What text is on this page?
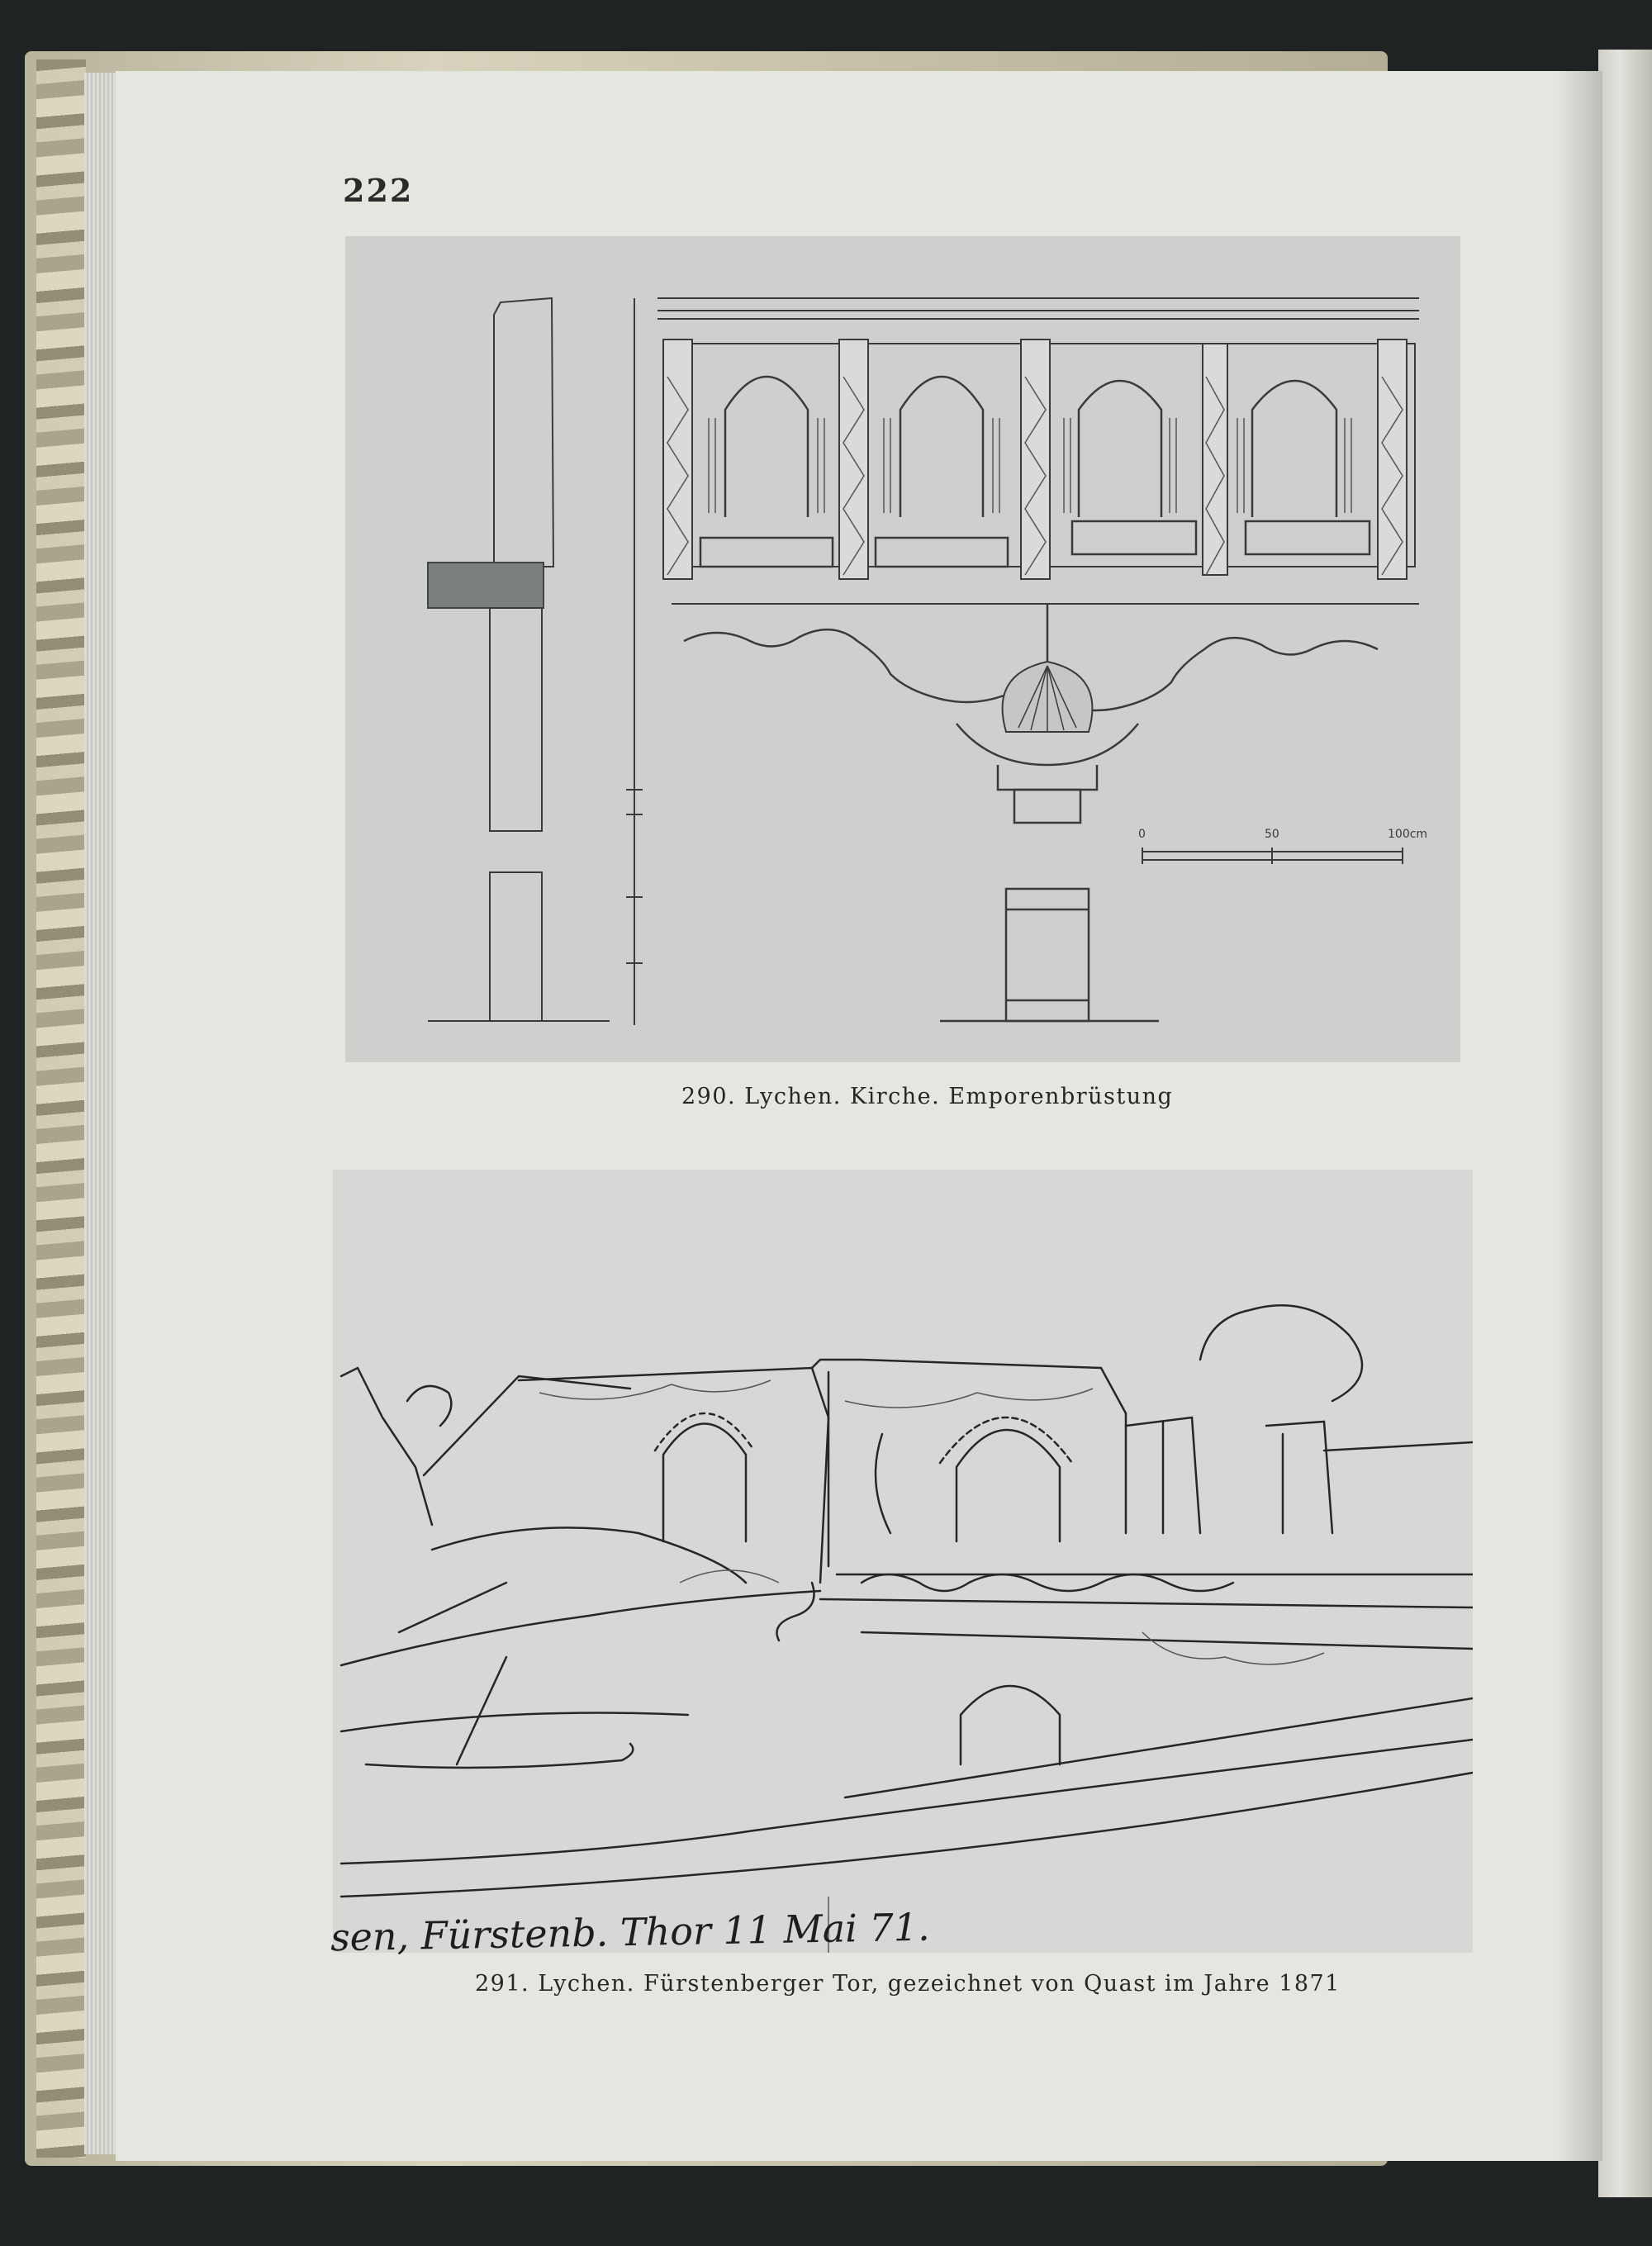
222
0	50	100cm
290. Lychen. Kirche. Emporenbrüstung
sen, Fürstenb. Thor 11 Mai 71.
291. Lychen. Fürstenberger Tor, gezeichnet von Quast im Jahre 1871
